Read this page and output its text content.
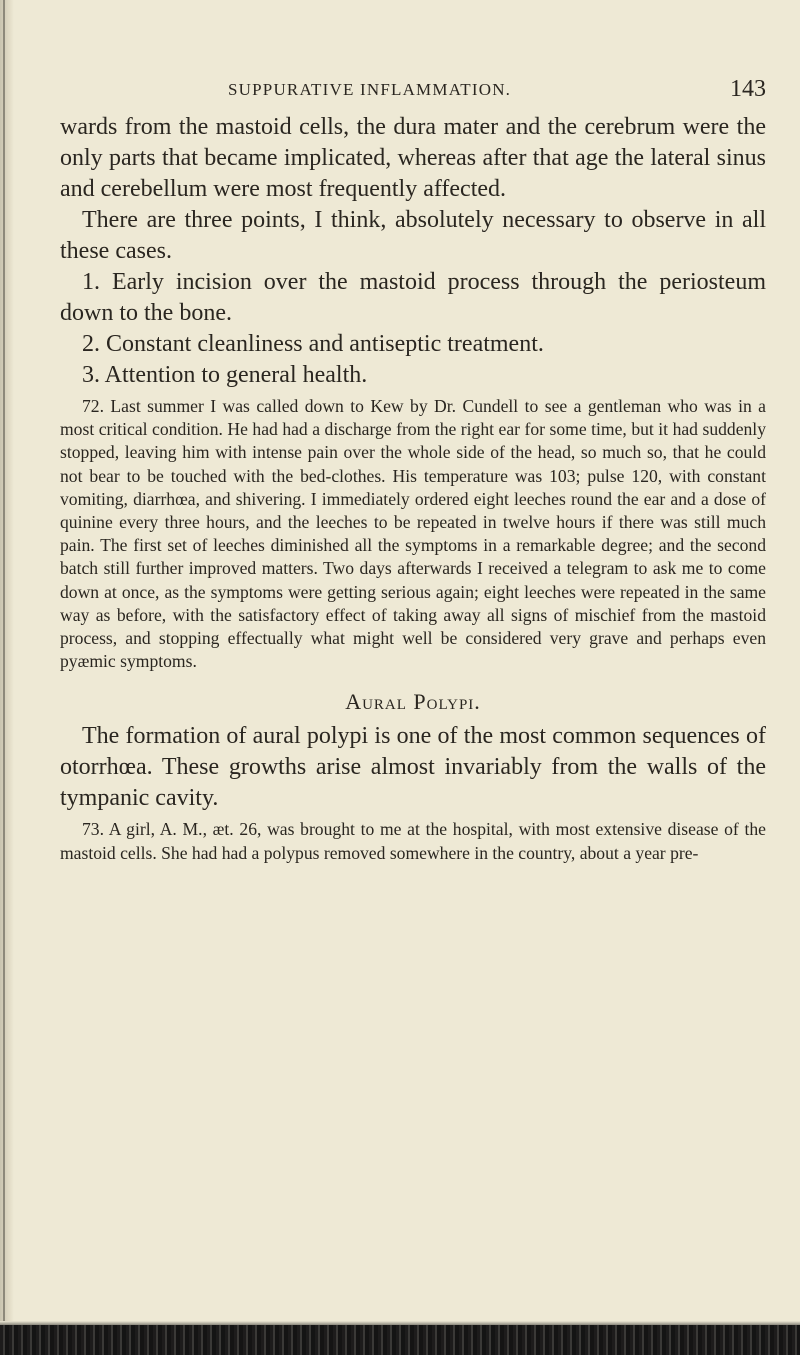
SUPPURATIVE INFLAMMATION.	143

wards from the mastoid cells, the dura mater and the cerebrum were the only parts that became implicated, whereas after that age the lateral sinus and cerebellum were most frequently affected.

There are three points, I think, absolutely necessary to observe in all these cases.

1. Early incision over the mastoid process through the periosteum down to the bone.

2. Constant cleanliness and antiseptic treatment.

3. Attention to general health.

72. Last summer I was called down to Kew by Dr. Cundell to see a gentleman who was in a most critical condition. He had had a discharge from the right ear for some time, but it had suddenly stopped, leaving him with intense pain over the whole side of the head, so much so, that he could not bear to be touched with the bed-clothes. His temperature was 103; pulse 120, with constant vomiting, diarrhœa, and shivering. I immediately ordered eight leeches round the ear and a dose of quinine every three hours, and the leeches to be repeated in twelve hours if there was still much pain. The first set of leeches diminished all the symptoms in a remarkable degree; and the second batch still further improved matters. Two days afterwards I received a telegram to ask me to come down at once, as the symptoms were getting serious again; eight leeches were repeated in the same way as before, with the satisfactory effect of taking away all signs of mischief from the mastoid process, and stopping effectually what might well be considered very grave and perhaps even pyæmic symptoms.

Aural Polypi.

The formation of aural polypi is one of the most common sequences of otorrhœa. These growths arise almost invariably from the walls of the tympanic cavity.

73. A girl, A. M., æt. 26, was brought to me at the hospital, with most extensive disease of the mastoid cells. She had had a polypus removed somewhere in the country, about a year pre-
